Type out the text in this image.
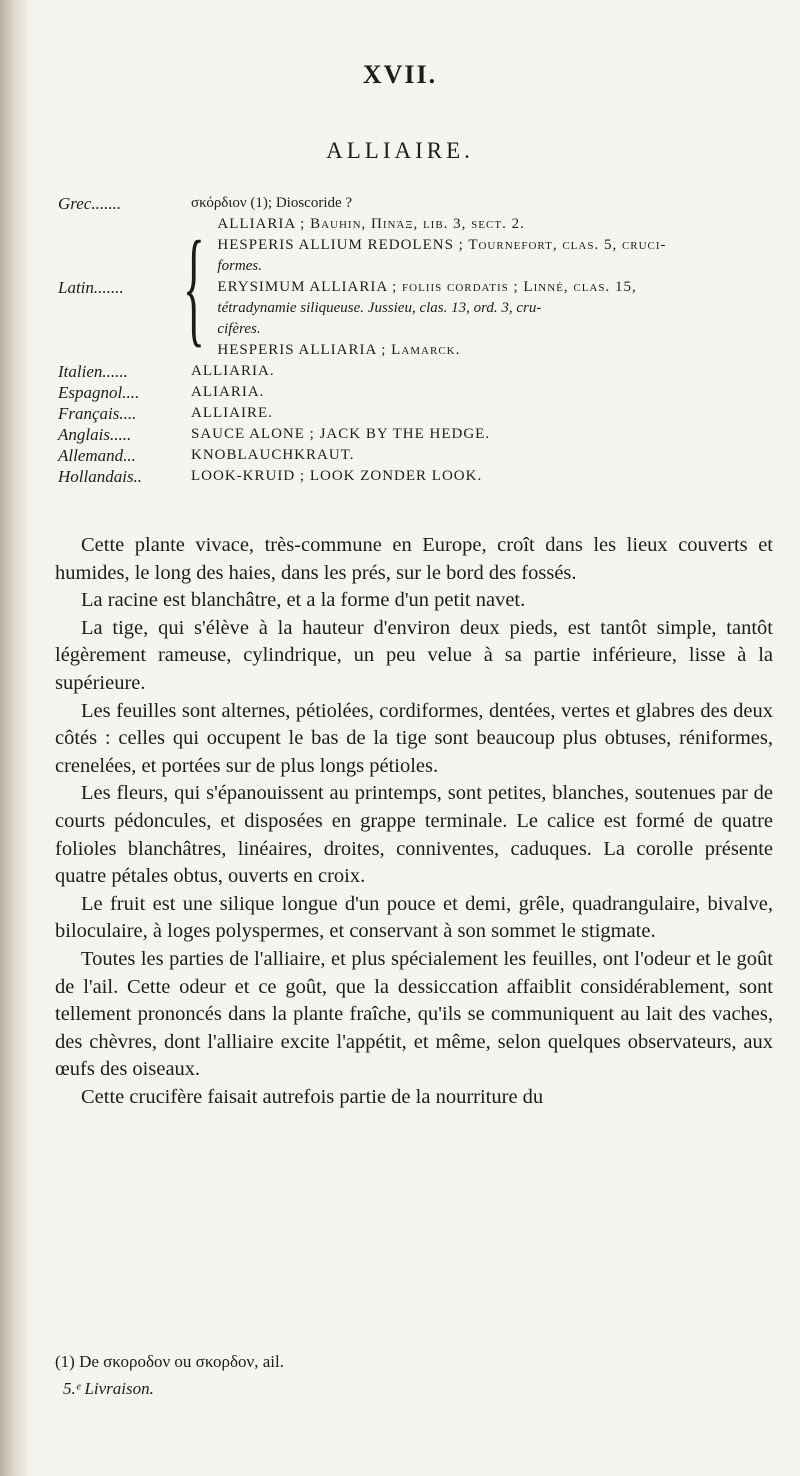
XVII.
ALLIAIRE.
Grec.......	σκόρδιον (1); Dioscoride ?
Latin....... { ALLIARIA ; Bauhin, Πινάξ, lib. 3, sect. 2.
HESPERIS ALLIUM REDOLENS ; Tournefort, clas. 5, cruci-
formes.
ERYSIMUM ALLIARIA ; foliis cordatis ; Linné, clas. 15,
tétradynamie siliqueuse. Jussieu, clas. 13, ord. 3, cru-
cifères.
HESPERIS ALLIARIA ; Lamarck.
Italien......	ALLIARIA.
Espagnol....	ALIARIA.
Français....	ALLIAIRE.
Anglais.....	SAUCE ALONE ; JACK BY THE HEDGE.
Allemand...	KNOBLAUCHKRAUT.
Hollandais..	LOOK-KRUID ; LOOK ZONDER LOOK.

Cette plante vivace, très-commune en Europe, croît dans les lieux couverts et humides, le long des haies, dans les prés, sur le bord des fossés.

La racine est blanchâtre, et a la forme d'un petit navet.

La tige, qui s'élève à la hauteur d'environ deux pieds, est tantôt simple, tantôt légèrement rameuse, cylindrique, un peu velue à sa partie inférieure, lisse à la supérieure.

Les feuilles sont alternes, pétiolées, cordiformes, dentées, vertes et glabres des deux côtés : celles qui occupent le bas de la tige sont beaucoup plus obtuses, réniformes, crenelées, et portées sur de plus longs pétioles.

Les fleurs, qui s'épanouissent au printemps, sont petites, blanches, soutenues par de courts pédoncules, et disposées en grappe terminale. Le calice est formé de quatre folioles blanchâtres, linéaires, droites, conniventes, caduques. La corolle présente quatre pétales obtus, ouverts en croix.

Le fruit est une silique longue d'un pouce et demi, grêle, quadrangulaire, bivalve, biloculaire, à loges polyspermes, et conservant à son sommet le stigmate.

Toutes les parties de l'alliaire, et plus spécialement les feuilles, ont l'odeur et le goût de l'ail. Cette odeur et ce goût, que la dessiccation affaiblit considérablement, sont tellement prononcés dans la plante fraîche, qu'ils se communiquent au lait des vaches, des chèvres, dont l'alliaire excite l'appétit, et même, selon quelques observateurs, aux œufs des oiseaux.

Cette crucifère faisait autrefois partie de la nourriture du

(1) De σκοροδον ou σκορδον, ail.
5.ᵉ Livraison.
